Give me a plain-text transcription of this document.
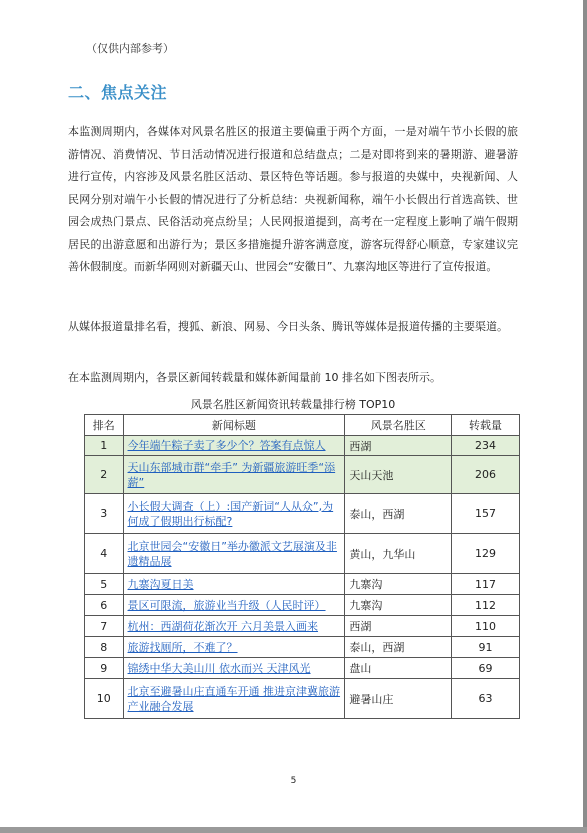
（仅供内部参考）
二、焦点关注

本监测周期内，各媒体对风景名胜区的报道主要偏重于两个方面，一是对端午节小长假的旅游情况、消费情况、节日活动情况进行报道和总结盘点；二是对即将到来的暑期游、避暑游进行宣传，内容涉及风景名胜区活动、景区特色等话题。参与报道的央媒中，央视新闻、人民网分别对端午小长假的情况进行了分析总结：央视新闻称，端午小长假出行首选高铁、世园会成热门景点、民俗活动亮点纷呈；人民网报道提到，高考在一定程度上影响了端午假期居民的出游意愿和出游行为；景区多措施提升游客满意度，游客玩得舒心顺意，专家建议完善休假制度。而新华网则对新疆天山、世园会“安徽日”、九寨沟地区等进行了宣传报道。

从媒体报道量排名看，搜狐、新浪、网易、今日头条、腾讯等媒体是报道传播的主要渠道。

在本监测周期内，各景区新闻转载量和媒体新闻量前 10 排名如下图表所示。

风景名胜区新闻资讯转载量排行榜 TOP10
排名	新闻标题	风景名胜区	转载量
1	今年端午粽子卖了多少个？答案有点惊人	西湖	234
2	天山东部城市群“牵手” 为新疆旅游旺季“添薪”	天山天池	206
3	小长假大调查（上）:国产新词“人从众”,为何成了假期出行标配?	泰山，西湖	157
4	北京世园会“安徽日”举办徽派文艺展演及非遗精品展	黄山，九华山	129
5	九寨沟夏日美	九寨沟	117
6	景区可限流，旅游业当升级（人民时评）	九寨沟	112
7	杭州：西湖荷花渐次开 六月美景入画来	西湖	110
8	旅游找厕所，不难了？	泰山，西湖	91
9	锦绣中华大美山川 依水而兴 天津风光	盘山	69
10	北京至避暑山庄直通车开通 推进京津冀旅游产业融合发展	避暑山庄	63
5
